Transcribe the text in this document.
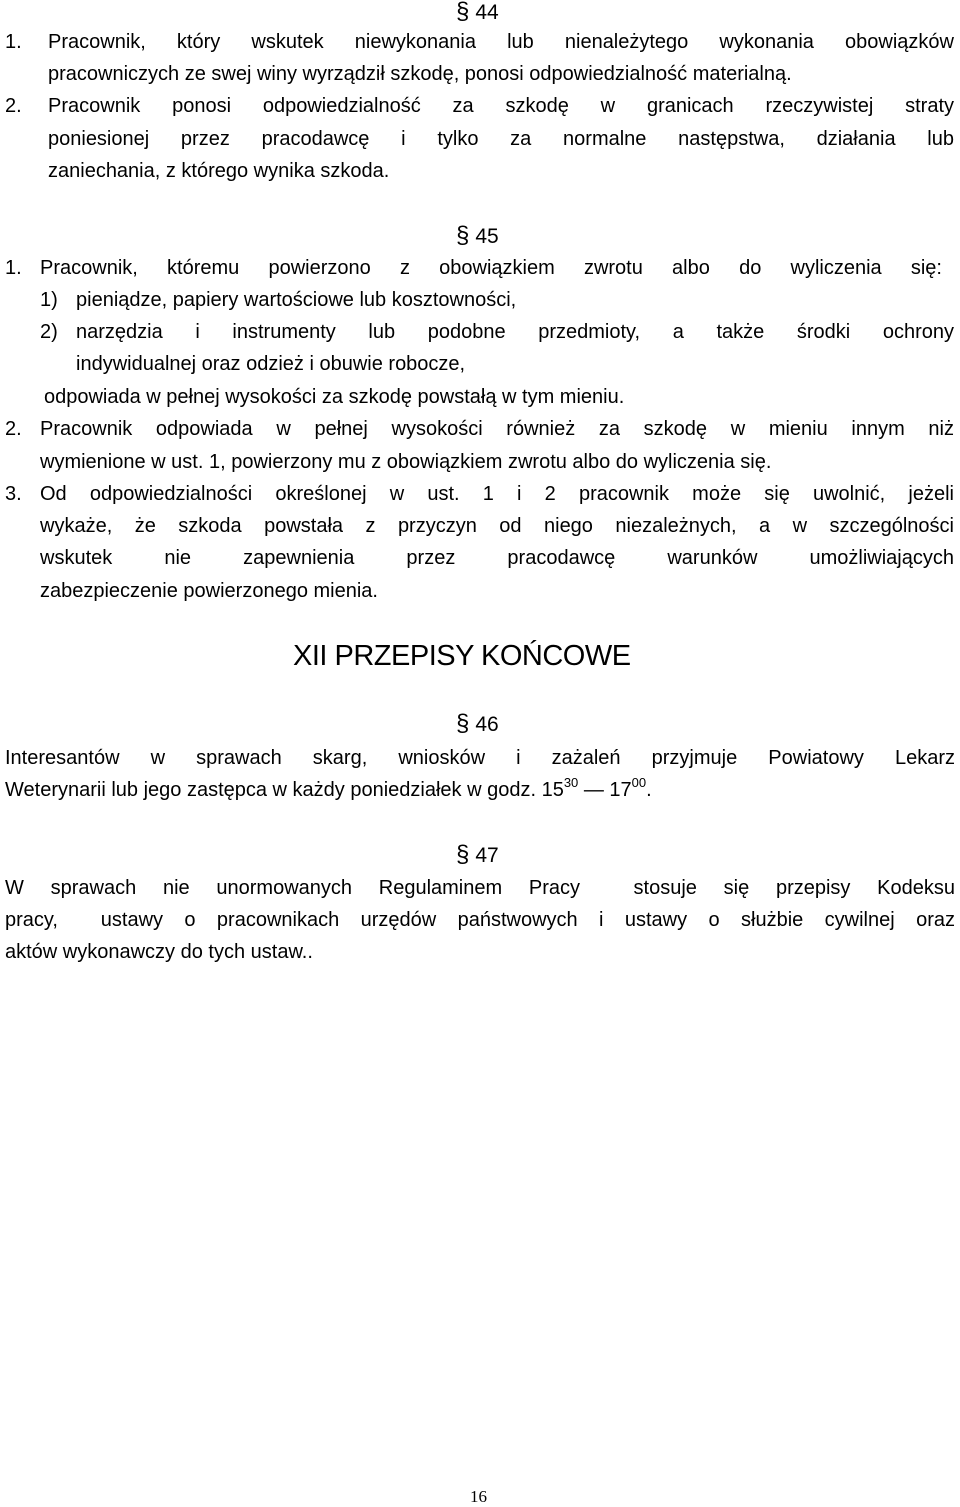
§ 44
1. Pracownik, który wskutek niewykonania lub nienależytego wykonania obowiązków
pracowniczych ze swej winy wyrządził szkodę, ponosi odpowiedzialność materialną.
2. Pracownik ponosi odpowiedzialność za szkodę w granicach rzeczywistej straty
poniesionej przez pracodawcę i tylko za normalne następstwa, działania lub
zaniechania, z którego wynika szkoda.
§ 45
1. Pracownik, któremu powierzono z obowiązkiem zwrotu albo do wyliczenia się:
1) pieniądze, papiery wartościowe lub kosztowności,
2) narzędzia i instrumenty lub podobne przedmioty, a także środki ochrony
indywidualnej oraz odzież i obuwie robocze,
odpowiada w pełnej wysokości za szkodę powstałą w tym mieniu.
2. Pracownik odpowiada w pełnej wysokości również za szkodę w mieniu innym niż
wymienione w ust. 1, powierzony mu z obowiązkiem zwrotu albo do wyliczenia się.
3. Od odpowiedzialności określonej w ust. 1 i 2 pracownik może się uwolnić, jeżeli
wykaże, że szkoda powstała z przyczyn od niego niezależnych, a w szczególności
wskutek nie zapewnienia przez pracodawcę warunków umożliwiających
zabezpieczenie powierzonego mienia.
XII PRZEPISY KOŃCOWE
§ 46
Interesantów w sprawach skarg, wniosków i zażaleń przyjmuje Powiatowy Lekarz
Weterynarii lub jego zastępca w każdy poniedziałek w godz. $15^{30}$ — $17^{00}$.
§ 47
W sprawach nie unormowanych Regulaminem Pracy  stosuje się przepisy Kodeksu
pracy,  ustawy o pracownikach urzędów państwowych i ustawy o służbie cywilnej oraz
aktów wykonawczy do tych ustaw..
16
